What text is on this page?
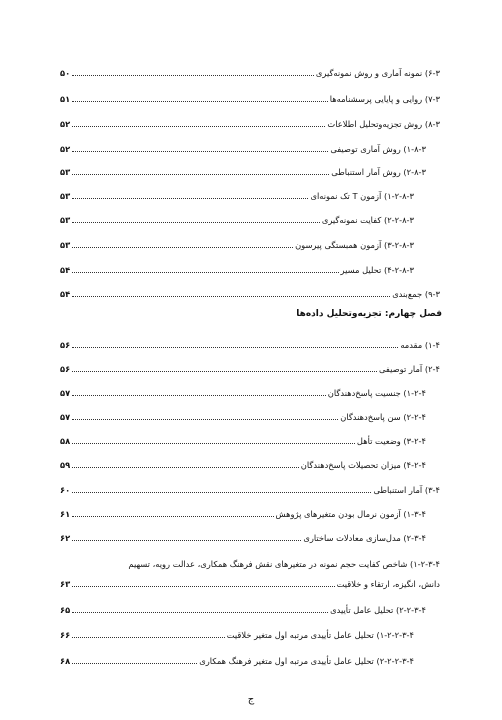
۶-۳) نمونه آماری و روش نمونه‌گیری
۵۰
۷-۳) روایی و پایایی پرسشنامه‌ها
۵۱
۸-۳) روش تجزیه‌وتحلیل اطلاعات
۵۲
۱-۸-۳) روش آماری توصیفی
۵۲
۲-۸-۳) روش آمار استنباطی
۵۳
۱-۲-۸-۳) آزمون T تک نمونه‌ای
۵۳
۲-۲-۸-۳) کفایت نمونه‌گیری
۵۳
۳-۲-۸-۳) آزمون همبستگی پیرسون
۵۳
۴-۲-۸-۳) تحلیل مسیر
۵۴
۹-۳) جمع‌بندی
۵۴
فصل چهارم: تجزیه‌وتحلیل داده‌ها
۱-۴) مقدمه
۵۶
۲-۴) آمار توصیفی
۵۶
۱-۲-۴) جنسیت پاسخ‌دهندگان
۵۷
۲-۲-۴) سن پاسخ‌دهندگان
۵۷
۳-۲-۴) وضعیت تأهل
۵۸
۴-۲-۴) میزان تحصیلات پاسخ‌دهندگان
۵۹
۳-۴) آمار استنباطی
۶۰
۱-۳-۴) آزمون نرمال بودن متغیرهای پژوهش
۶۱
۲-۳-۴) مدل‌سازی معادلات ساختاری
۶۲
۱-۲-۳-۴) شاخص کفایت حجم نمونه در متغیرهای نقش فرهنگ همکاری، عدالت رویه، تسهیم
دانش، انگیزه، ارتقاء و خلاقیت
۶۳
۲-۲-۳-۴) تحلیل عامل تأییدی
۶۵
۱-۲-۲-۳-۴) تحلیل عامل تأییدی مرتبه اول متغیر خلاقیت
۶۶
۲-۲-۲-۳-۴) تحلیل عامل تأییدی مرتبه اول متغیر فرهنگ همکاری
۶۸
ج
